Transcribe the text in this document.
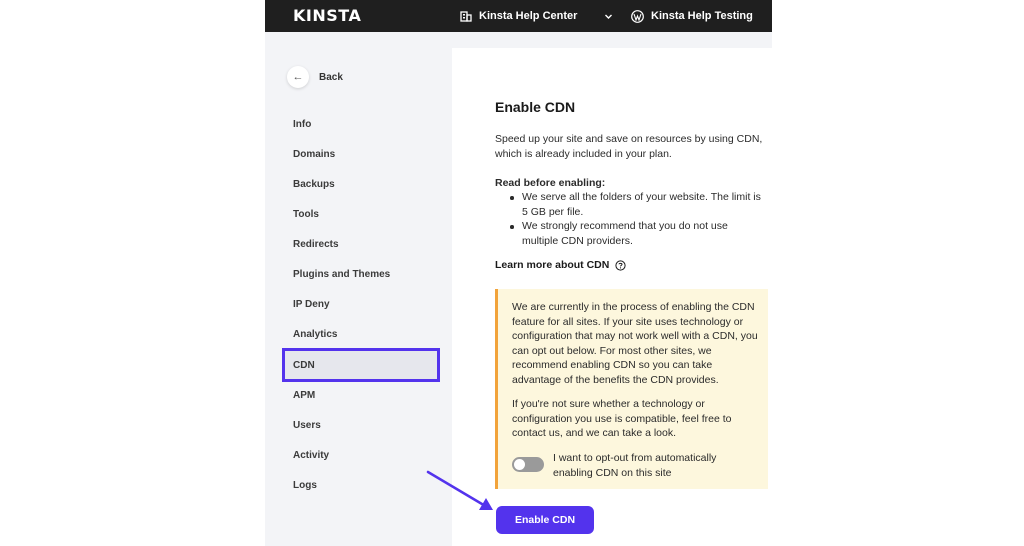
KINSTA	Kinsta Help Center	Kinsta Help Testing
←	Back
Info
Domains
Backups
Tools
Redirects
Plugins and Themes
IP Deny
Analytics
CDN
APM
Users
Activity
Logs
Enable CDN
Speed up your site and save on resources by using CDN, which is already included in your plan.
Read before enabling:
We serve all the folders of your website. The limit is 5 GB per file.
We strongly recommend that you do not use multiple CDN providers.
Learn more about CDN
We are currently in the process of enabling the CDN feature for all sites. If your site uses technology or configuration that may not work well with a CDN, you can opt out below. For most other sites, we recommend enabling CDN so you can take advantage of the benefits the CDN provides.
If you're not sure whether a technology or configuration you use is compatible, feel free to contact us, and we can take a look.
I want to opt-out from automatically enabling CDN on this site
Enable CDN
